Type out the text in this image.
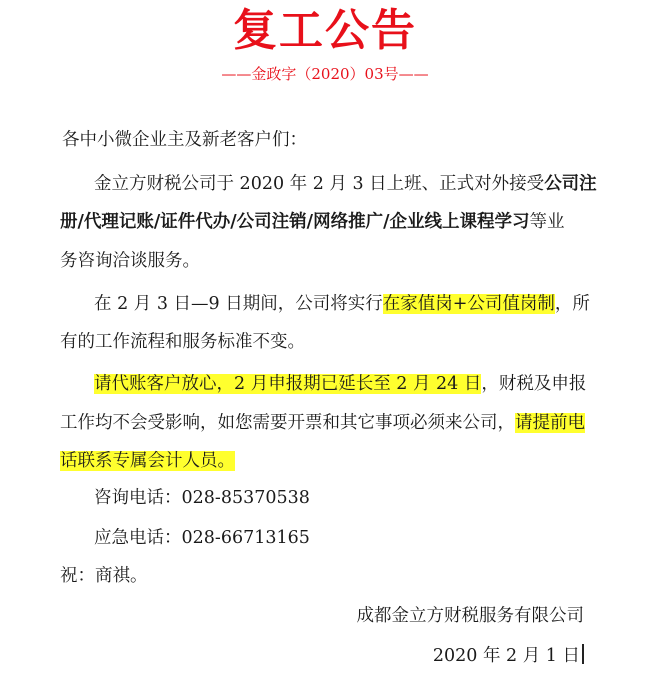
复工公告
——金政字（2020）03号——
各中小微企业主及新老客户们：
金立方财税公司于 2020 年 2 月 3 日上班、正式对外接受公司注
册/代理记账/证件代办/公司注销/网络推广/企业线上课程学习等业
务咨询洽谈服务。
在 2 月 3 日—9 日期间，公司将实行在家值岗+公司值岗制，所
有的工作流程和服务标准不变。
请代账客户放心，2 月申报期已延长至 2 月 24 日，财税及申报
工作均不会受影响，如您需要开票和其它事项必须来公司，请提前电
话联系专属会计人员。
咨询电话：028-85370538
应急电话：028-66713165
祝：商祺。
成都金立方财税服务有限公司
2020 年 2 月 1 日
